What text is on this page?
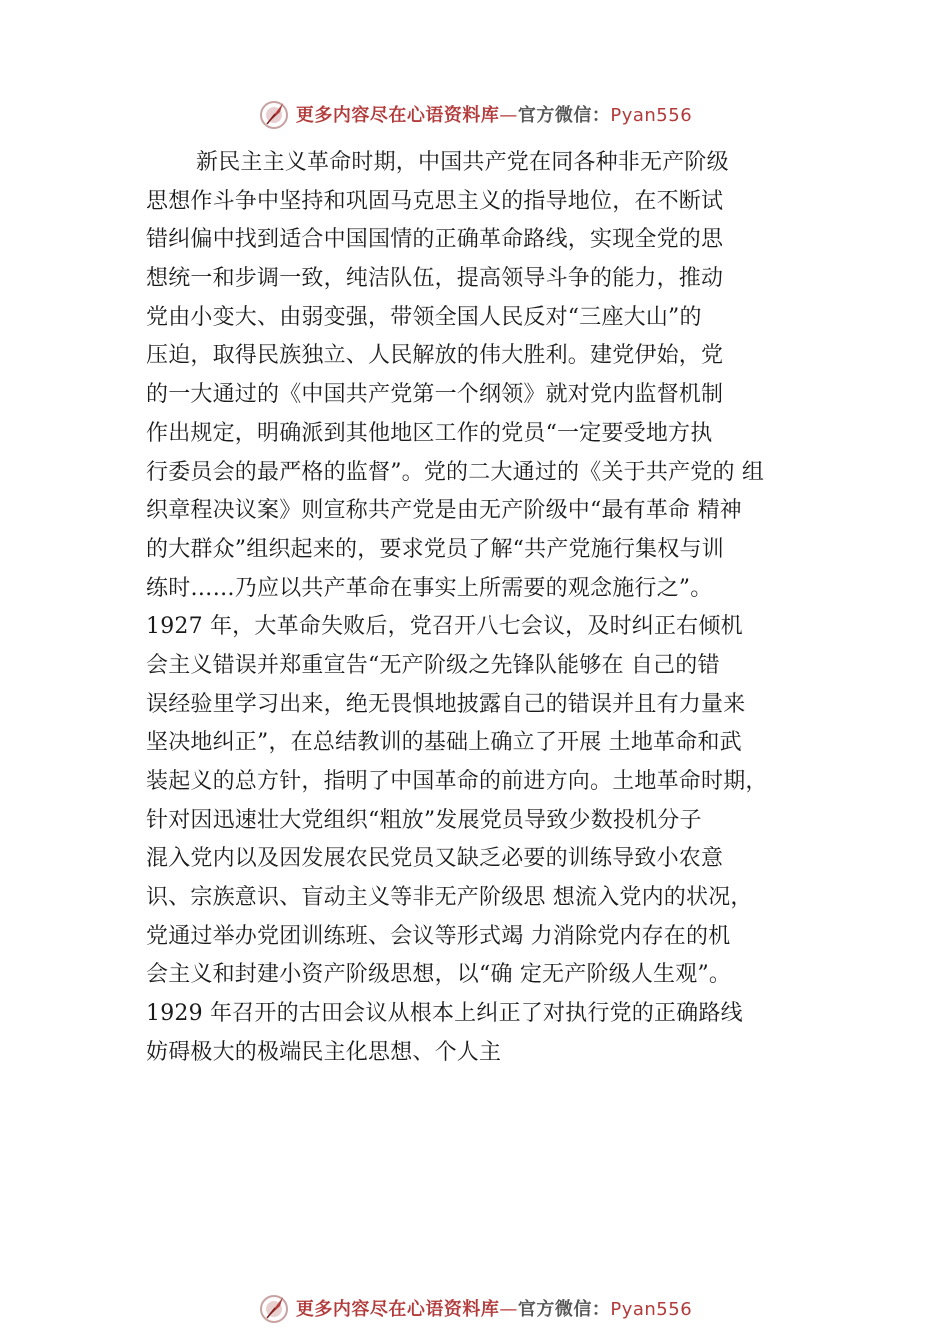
更多内容尽在心语资料库—官方微信：Pyan556
新民主主义革命时期，中国共产党在同各种非无产阶级
思想作斗争中坚持和巩固马克思主义的指导地位，在不断试
错纠偏中找到适合中国国情的正确革命路线，实现全党的思
想统一和步调一致，纯洁队伍，提高领导斗争的能力，推动
党由小变大、由弱变强，带领全国人民反对“三座大山”的
压迫，取得民族独立、人民解放的伟大胜利。建党伊始，党
的一大通过的《中国共产党第一个纲领》就对党内监督机制
作出规定，明确派到其他地区工作的党员“一定要受地方执
行委员会的最严格的监督”。党的二大通过的《关于共产党的 组
织章程决议案》则宣称共产党是由无产阶级中“最有革命 精神
的大群众”组织起来的，要求党员了解“共产党施行集权与训
练时……乃应以共产革命在事实上所需要的观念施行之”。
1927 年，大革命失败后，党召开八七会议，及时纠正右倾机
会主义错误并郑重宣告“无产阶级之先锋队能够在 自己的错
误经验里学习出来，绝无畏惧地披露自己的错误并且有力量来
坚决地纠正”，在总结教训的基础上确立了开展 土地革命和武
装起义的总方针，指明了中国革命的前进方向。土地革命时期，
针对因迅速壮大党组织“粗放”发展党员导致少数投机分子
混入党内以及因发展农民党员又缺乏必要的训练导致小农意
识、宗族意识、盲动主义等非无产阶级思 想流入党内的状况，
党通过举办党团训练班、会议等形式竭 力消除党内存在的机
会主义和封建小资产阶级思想，以“确 定无产阶级人生观”。
1929 年召开的古田会议从根本上纠正了对执行党的正确路线
妨碍极大的极端民主化思想、个人主
更多内容尽在心语资料库—官方微信：Pyan556
